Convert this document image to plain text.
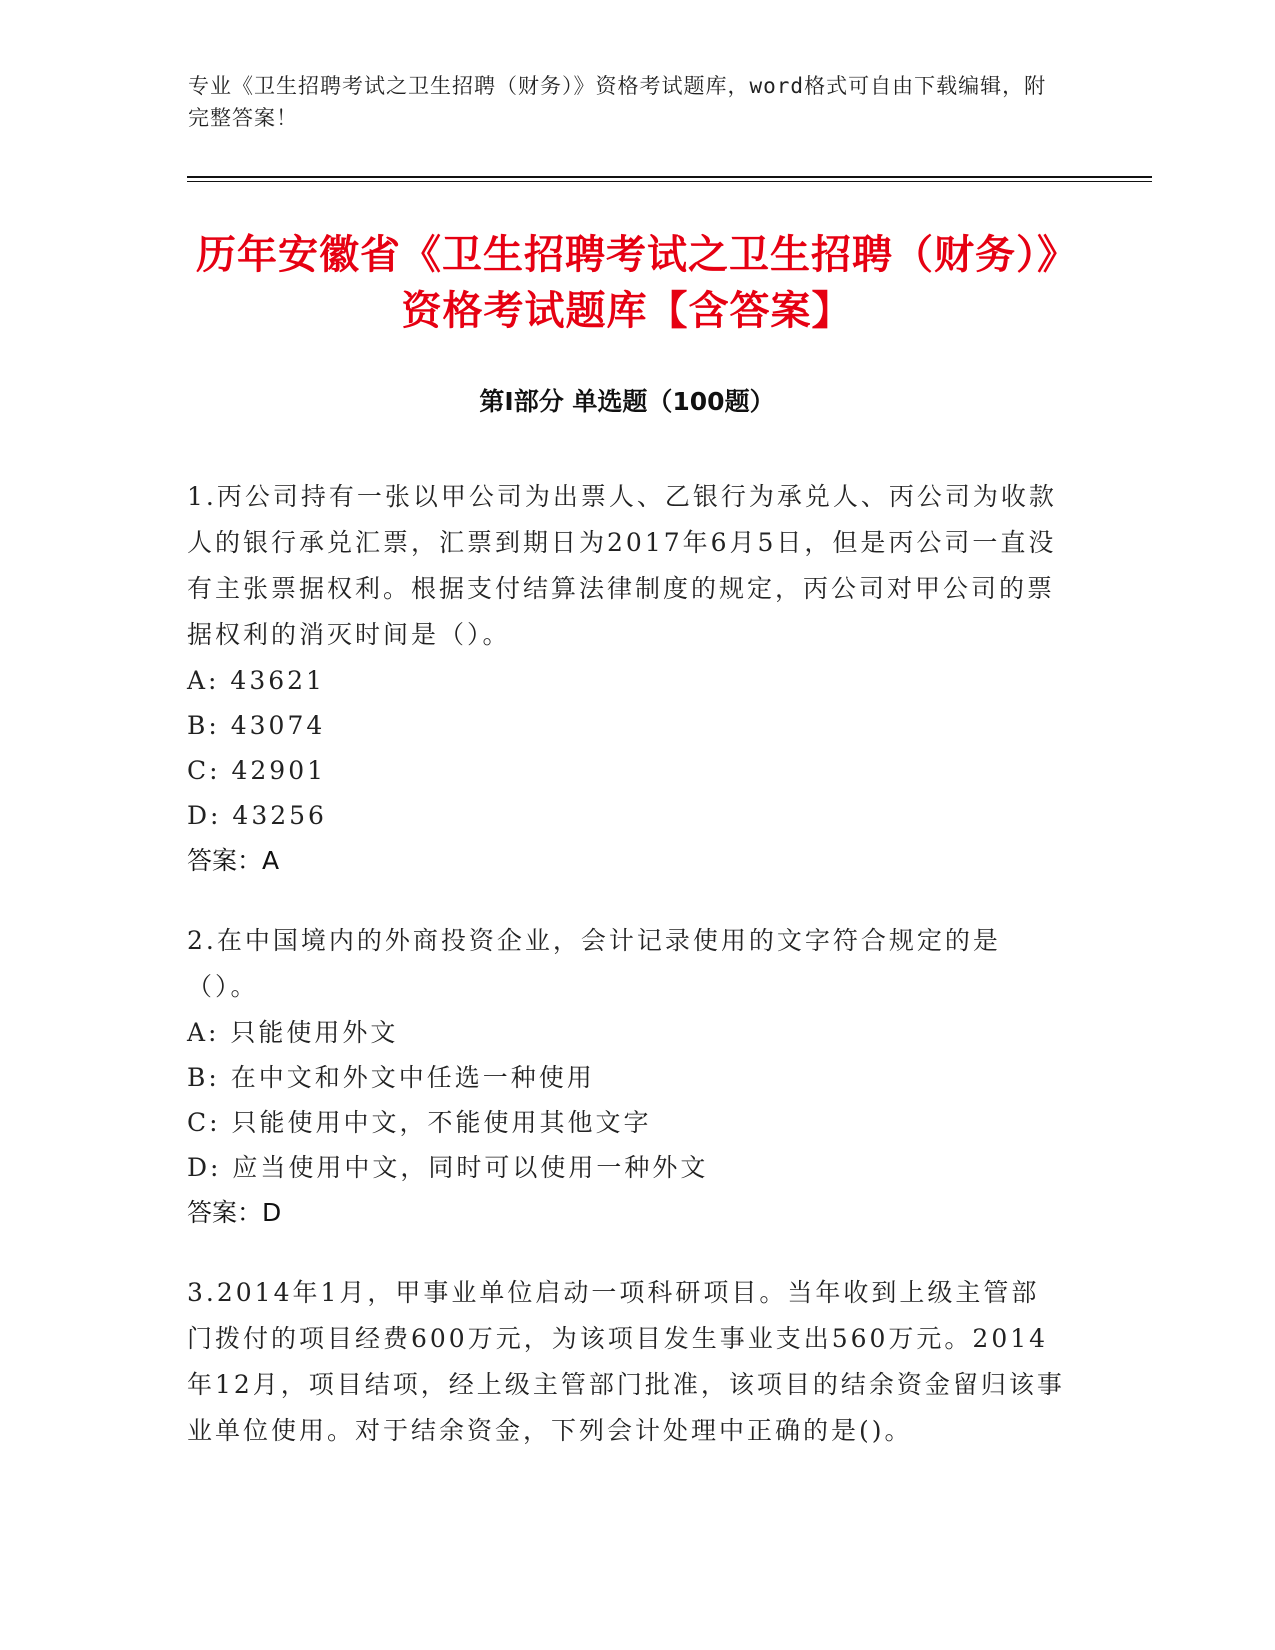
专业《卫生招聘考试之卫生招聘（财务）》资格考试题库，word格式可自由下载编辑，附完整答案！
历年安徽省《卫生招聘考试之卫生招聘（财务）》资格考试题库【含答案】
第Ⅰ部分 单选题（100题）
1.丙公司持有一张以甲公司为出票人、乙银行为承兑人、丙公司为收款人的银行承兑汇票，汇票到期日为2017年6月5日，但是丙公司一直没有主张票据权利。根据支付结算法律制度的规定，丙公司对甲公司的票据权利的消灭时间是（）。
A: 43621
B: 43074
C: 42901
D: 43256
答案：A
2.在中国境内的外商投资企业，会计记录使用的文字符合规定的是（）。
A: 只能使用外文
B: 在中文和外文中任选一种使用
C: 只能使用中文，不能使用其他文字
D: 应当使用中文，同时可以使用一种外文
答案：D
3.2014年1月，甲事业单位启动一项科研项目。当年收到上级主管部门拨付的项目经费600万元，为该项目发生事业支出560万元。2014年12月，项目结项，经上级主管部门批准，该项目的结余资金留归该事业单位使用。对于结余资金，下列会计处理中正确的是()。
